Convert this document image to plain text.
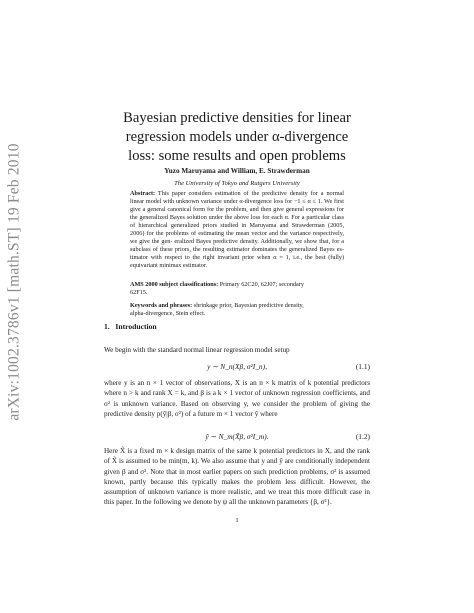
arXiv:1002.3786v1 [math.ST] 19 Feb 2010
Bayesian predictive densities for linear
regression models under α-divergence
loss: some results and open problems

Yuzo Maruyama and William, E. Strawderman

The University of Tokyo and Rutgers University

Abstract: This paper considers estimation of the predictive density for a normal linear model with unknown variance under α-divergence loss for −1 ≤ α ≤ 1. We first give a general canonical form for the problem, and then give general expressions for the generalized Bayes solution under the above loss for each α. For a particular class of hierarchical generalized priors studied in Maruyama and Strawderman (2005, 2006) for the problems of estimating the mean vector and the variance respectively, we give the gen- eralized Bayes predictive density. Additionally, we show that, for a subclass of these priors, the resulting estimator dominates the generalized Bayes es- timator with respect to the right invariant prior when α = 1, i.e., the best (fully) equivariant minimax estimator.

AMS 2000 subject classifications: Primary 62C20, 62J07; secondary
62F15.

Keywords and phrases: shrinkage prior, Bayesian predictive density,
alpha-divergence, Stein effect.

1. Introduction

We begin with the standard normal linear regression model setup

y ∼ N_n(Xβ, σ²I_n),	(1.1)

where y is an n × 1 vector of observations, X is an n × k matrix of k potential predictors where n > k and rank X = k, and β is a k × 1 vector of unknown regression coefficients, and σ² is unknown variance. Based on observing y, we consider the problem of giving the predictive density p(ỹ|β, σ²) of a future m × 1 vector ỹ where

ỹ ∼ N_m(X̃β, σ²I_m).	(1.2)

Here X̃ is a fixed m × k design matrix of the same k potential predictors in X, and the rank of X̃ is assumed to be min(m, k). We also assume that y and ỹ are conditionally independent given β and σ². Note that in most earlier papers on such prediction problems, σ² is assumed known, partly because this typically makes the problem less difficult. However, the assumption of unknown variance is more realistic, and we treat this more difficult case in this paper. In the following we denote by ψ all the unknown parameters {β, σ²}.

1
